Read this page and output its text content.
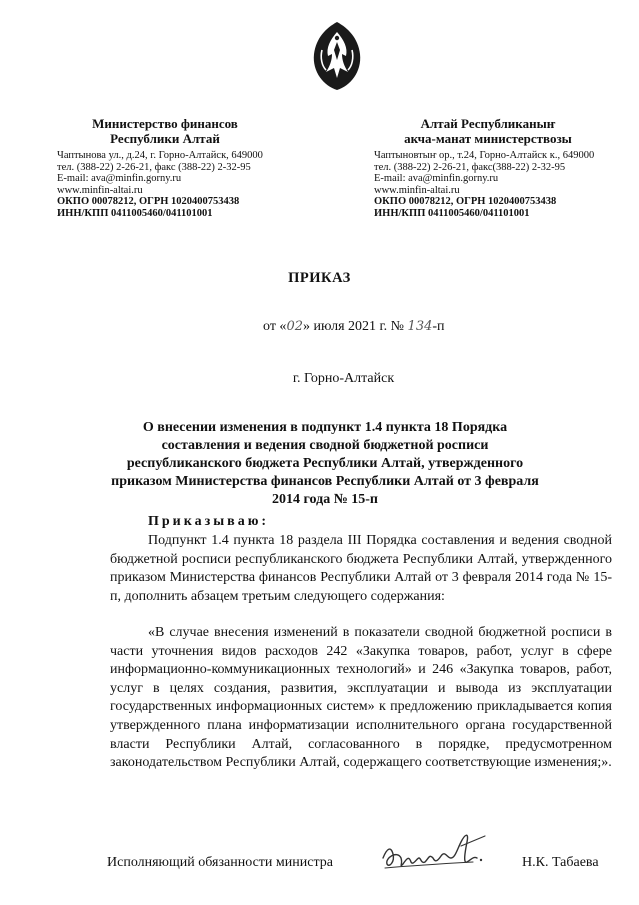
Министерство финансов
Республики Алтай
Чаптынова ул., д.24, г. Горно-Алтайск, 649000
тел. (388-22) 2-26-21, факс (388-22) 2-32-95
E-mail: ava@minfin.gorny.ru
www.minfin-altai.ru
ОКПО 00078212, ОГРН 1020400753438
ИНН/КПП 0411005460/041101001
Алтай Республиканыҥ
акча-манат министерствозы
Чаптыновтыҥ ор., т.24, Горно-Алтайск к., 649000
тел. (388-22) 2-26-21, факс(388-22) 2-32-95
E-mail: ava@minfin.gorny.ru
www.minfin-altai.ru
ОКПО 00078212, ОГРН 1020400753438
ИНН/КПП 0411005460/041101001
ПРИКАЗ
от «02» июля 2021 г. № 134-п
г. Горно-Алтайск
О внесении изменения в подпункт 1.4 пункта 18 Порядка составления и ведения сводной бюджетной росписи республиканского бюджета Республики Алтай, утвержденного приказом Министерства финансов Республики Алтай от 3 февраля 2014 года № 15-п
Приказываю:
Подпункт 1.4 пункта 18 раздела III Порядка составления и ведения сводной бюджетной росписи республиканского бюджета Республики Алтай, утвержденного приказом Министерства финансов Республики Алтай от 3 февраля 2014 года № 15-п, дополнить абзацем третьим следующего содержания:
«В случае внесения изменений в показатели сводной бюджетной росписи в части уточнения видов расходов 242 «Закупка товаров, работ, услуг в сфере информационно-коммуникационных технологий» и 246 «Закупка товаров, работ, услуг в целях создания, развития, эксплуатации и вывода из эксплуатации государственных информационных систем» к предложению прикладывается копия утвержденного плана информатизации исполнительного органа государственной власти Республики Алтай, согласованного в порядке, предусмотренном законодательством Республики Алтай, содержащего соответствующие изменения;».
Исполняющий обязанности министра	Н.К. Табаева
